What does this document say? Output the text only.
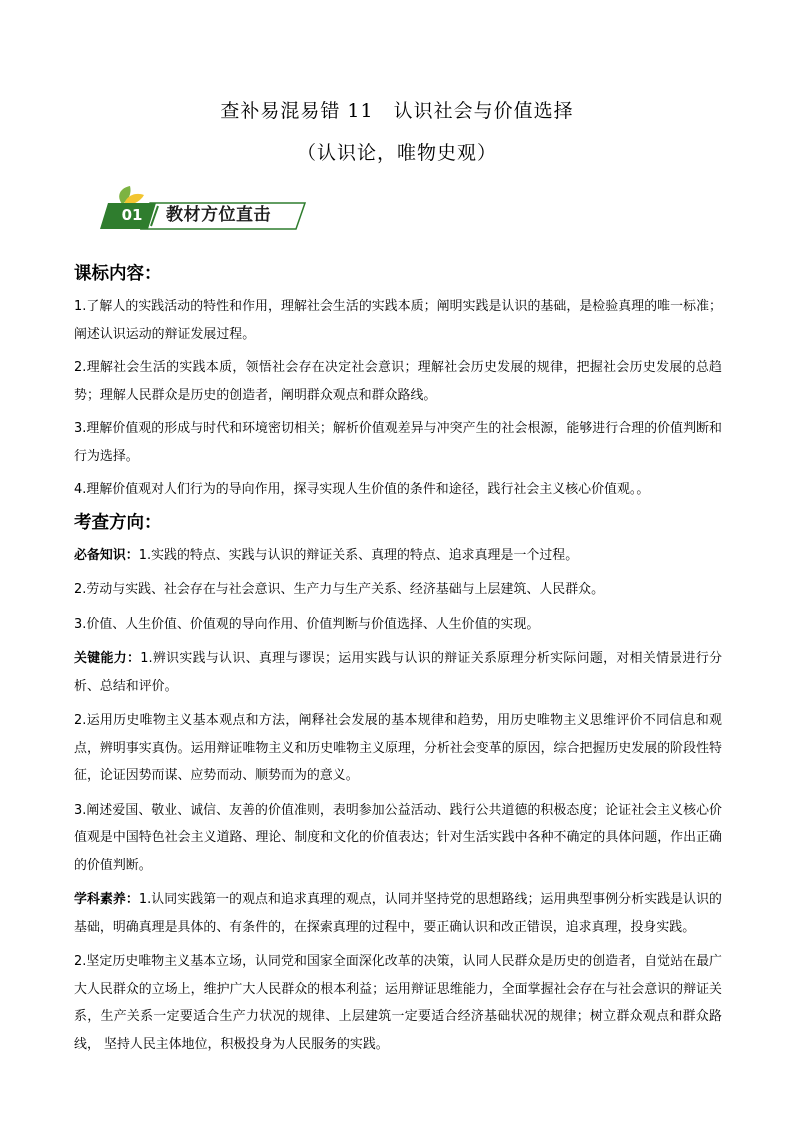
查补易混易错 11　认识社会与价值选择
（认识论，唯物史观）
01	教材方位直击
课标内容：

1.了解人的实践活动的特性和作用，理解社会生活的实践本质；阐明实践是认识的基础，是检验真理的唯一标准；阐述认识运动的辩证发展过程。

2.理解社会生活的实践本质，领悟社会存在决定社会意识；理解社会历史发展的规律，把握社会历史发展的总趋势；理解人民群众是历史的创造者，阐明群众观点和群众路线。

3.理解价值观的形成与时代和环境密切相关；解析价值观差异与冲突产生的社会根源，能够进行合理的价值判断和行为选择。

4.理解价值观对人们行为的导向作用，探寻实现人生价值的条件和途径，践行社会主义核心价值观。。

考查方向：

必备知识：1.实践的特点、实践与认识的辩证关系、真理的特点、追求真理是一个过程。

2.劳动与实践、社会存在与社会意识、生产力与生产关系、经济基础与上层建筑、人民群众。

3.价值、人生价值、价值观的导向作用、价值判断与价值选择、人生价值的实现。

关键能力：1.辨识实践与认识、真理与谬误；运用实践与认识的辩证关系原理分析实际问题，对相关情景进行分析、总结和评价。

2.运用历史唯物主义基本观点和方法，阐释社会发展的基本规律和趋势，用历史唯物主义思维评价不同信息和观点，辨明事实真伪。运用辩证唯物主义和历史唯物主义原理，分析社会变革的原因，综合把握历史发展的阶段性特征，论证因势而谋、应势而动、顺势而为的意义。

3.阐述爱国、敬业、诚信、友善的价值准则，表明参加公益活动、践行公共道德的积极态度；论证社会主义核心价值观是中国特色社会主义道路、理论、制度和文化的价值表达；针对生活实践中各种不确定的具体问题，作出正确的价值判断。

学科素养：1.认同实践第一的观点和追求真理的观点，认同并坚持党的思想路线；运用典型事例分析实践是认识的基础，明确真理是具体的、有条件的，在探索真理的过程中，要正确认识和改正错误，追求真理，投身实践。

2.坚定历史唯物主义基本立场，认同党和国家全面深化改革的决策，认同人民群众是历史的创造者，自觉站在最广大人民群众的立场上，维护广大人民群众的根本利益；运用辩证思维能力，全面掌握社会存在与社会意识的辩证关系，生产关系一定要适合生产力状况的规律、上层建筑一定要适合经济基础状况的规律；树立群众观点和群众路线， 坚持人民主体地位，积极投身为人民服务的实践。
